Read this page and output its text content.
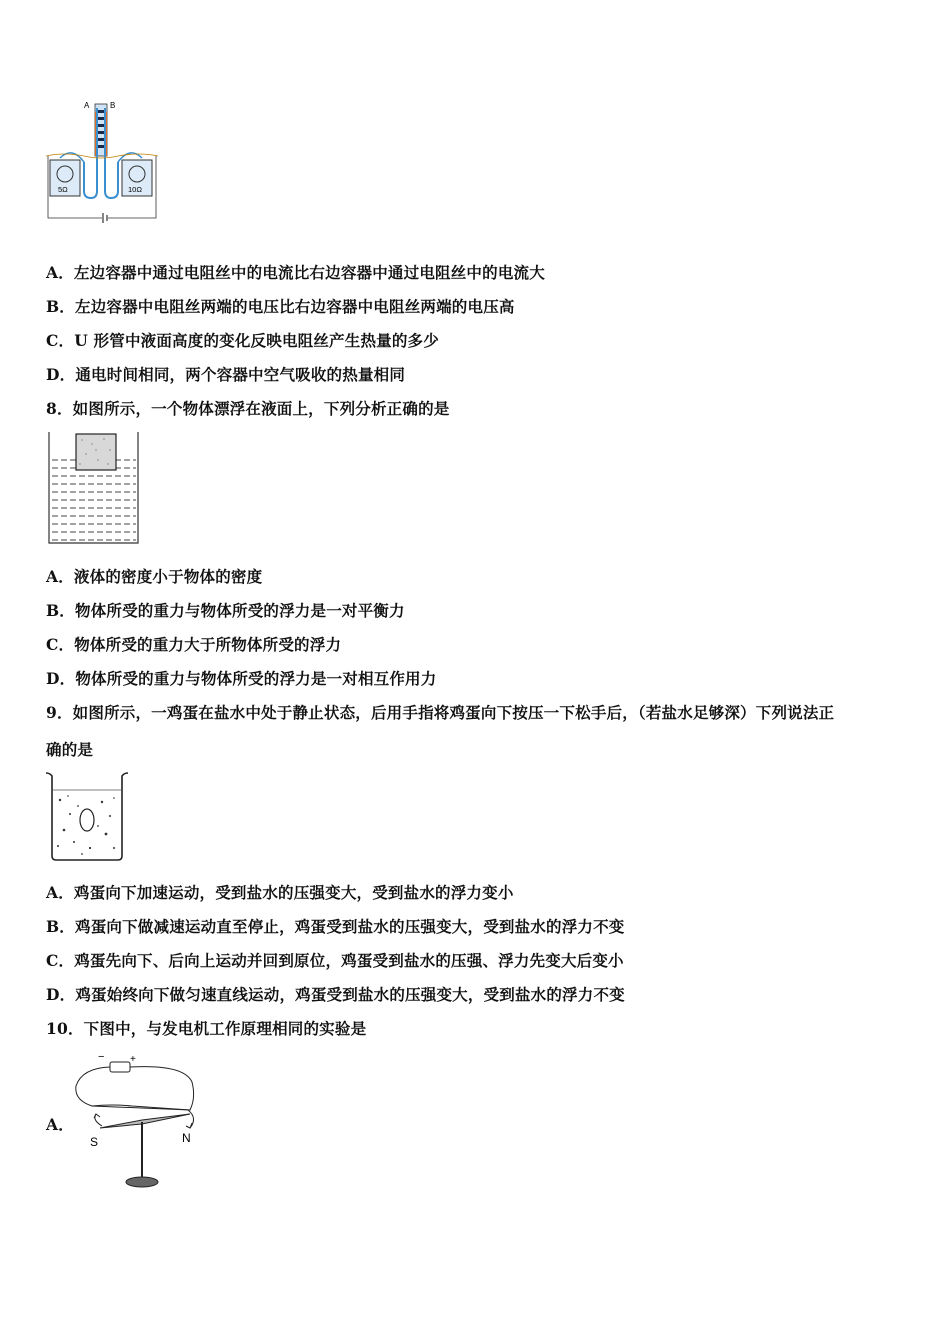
A	B
5Ω	10Ω
A．左边容器中通过电阻丝中的电流比右边容器中通过电阻丝中的电流大
B．左边容器中电阻丝两端的电压比右边容器中电阻丝两端的电压高
C．U 形管中液面高度的变化反映电阻丝产生热量的多少
D．通电时间相同，两个容器中空气吸收的热量相同
8．如图所示，一个物体漂浮在液面上，下列分析正确的是
A．液体的密度小于物体的密度
B．物体所受的重力与物体所受的浮力是一对平衡力
C．物体所受的重力大于所物体所受的浮力
D．物体所受的重力与物体所受的浮力是一对相互作用力
9．如图所示，一鸡蛋在盐水中处于静止状态，后用手指将鸡蛋向下按压一下松手后，（若盐水足够深）下列说法正
确的是
A．鸡蛋向下加速运动，受到盐水的压强变大，受到盐水的浮力变小
B．鸡蛋向下做减速运动直至停止，鸡蛋受到盐水的压强变大，受到盐水的浮力不变
C．鸡蛋先向下、后向上运动并回到原位，鸡蛋受到盐水的压强、浮力先变大后变小
D．鸡蛋始终向下做匀速直线运动，鸡蛋受到盐水的压强变大，受到盐水的浮力不变
10．下图中，与发电机工作原理相同的实验是
A．
−	+
S	N
